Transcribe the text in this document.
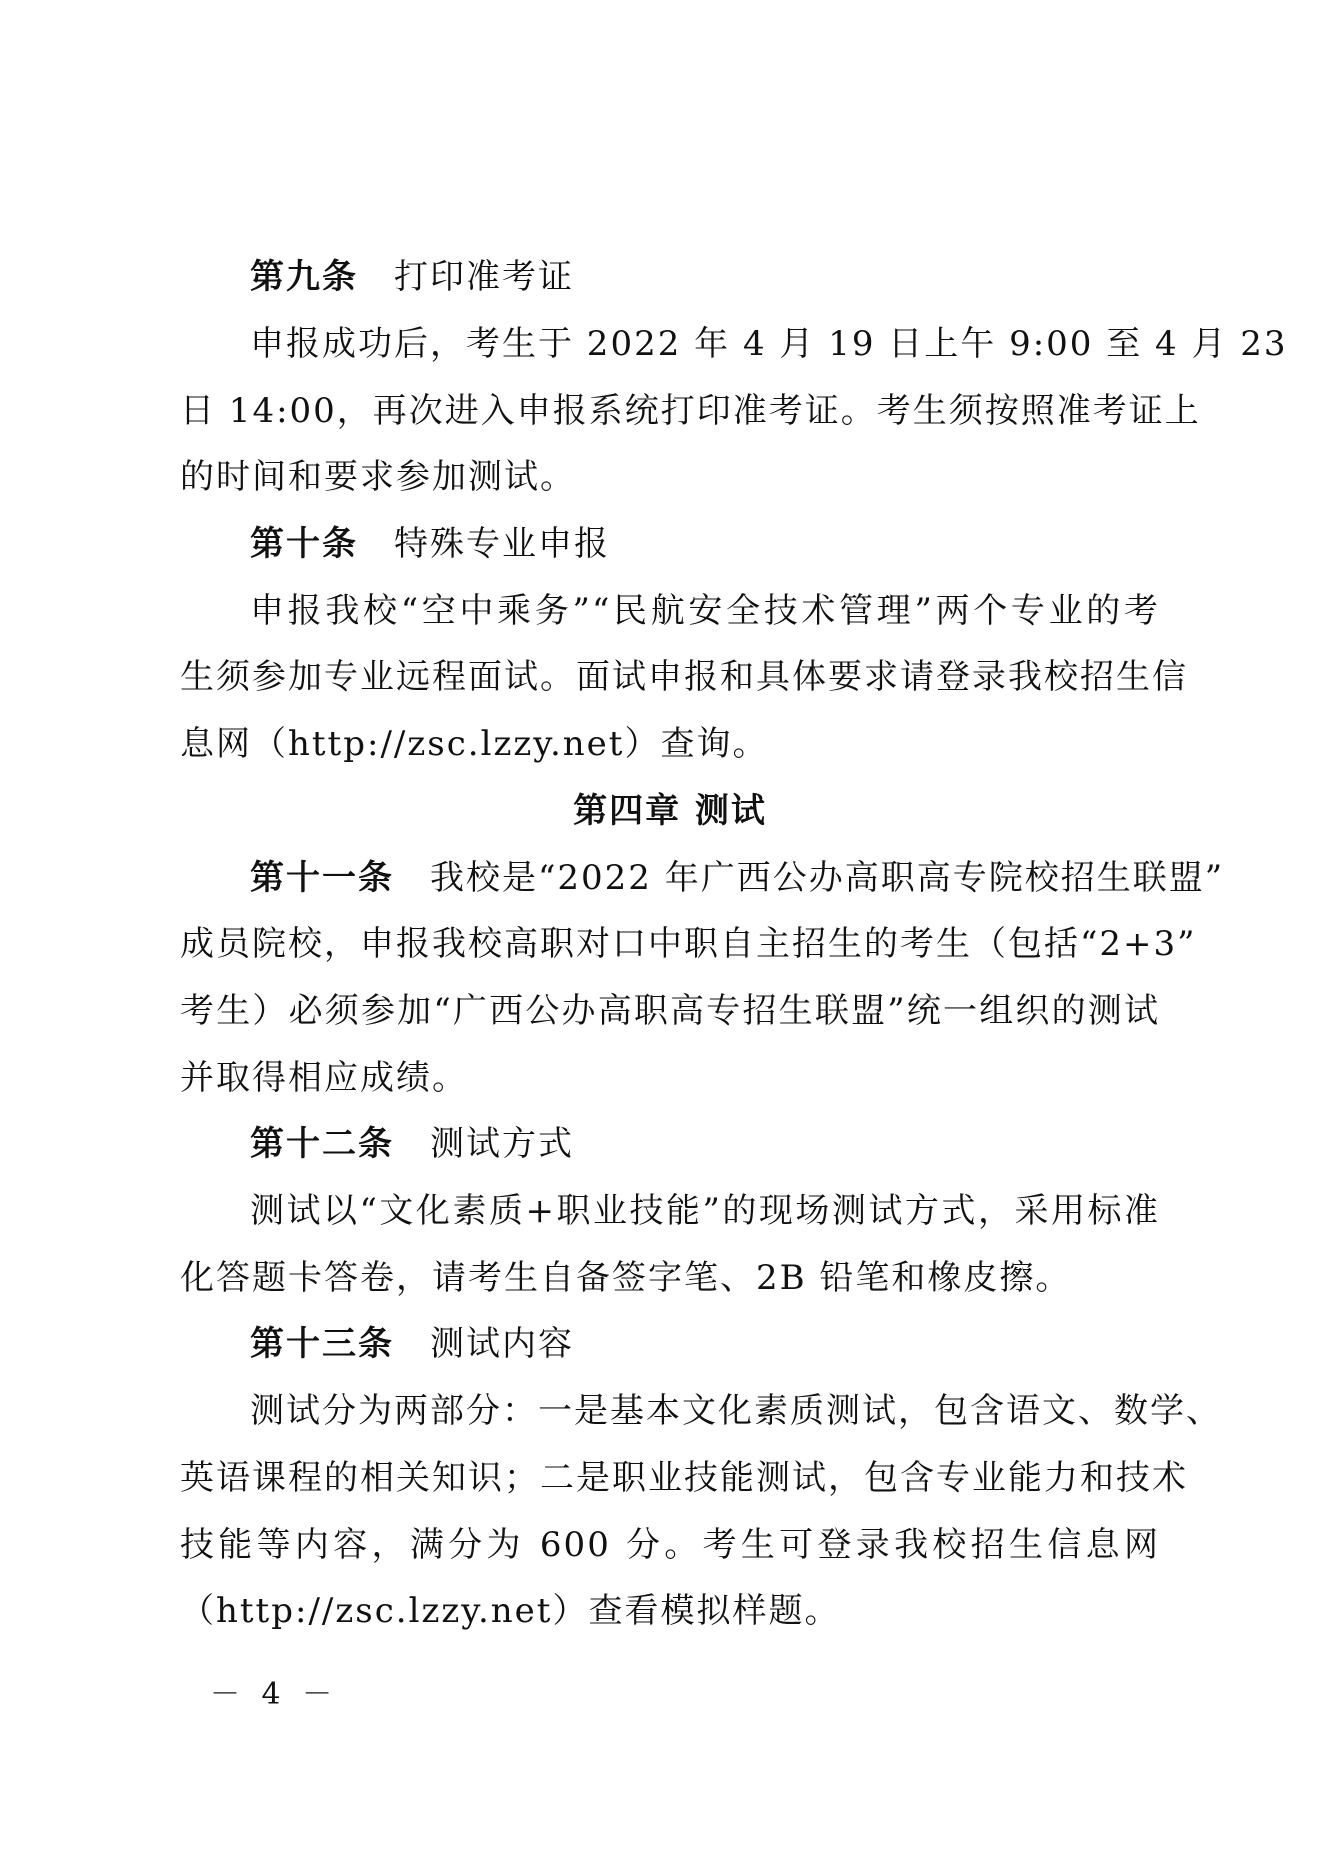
第九条 打印准考证
申报成功后，考生于 2022 年 4 月 19 日上午 9:00 至 4 月 23
日 14:00，再次进入申报系统打印准考证。考生须按照准考证上
的时间和要求参加测试。
第十条 特殊专业申报
申报我校“空中乘务”“民航安全技术管理”两个专业的考
生须参加专业远程面试。面试申报和具体要求请登录我校招生信
息网（http://zsc.lzzy.net）查询。
第四章 测试
第十一条 我校是“2022 年广西公办高职高专院校招生联盟”
成员院校，申报我校高职对口中职自主招生的考生（包括“2+3”
考生）必须参加“广西公办高职高专招生联盟”统一组织的测试
并取得相应成绩。
第十二条 测试方式
测试以“文化素质+职业技能”的现场测试方式，采用标准
化答题卡答卷，请考生自备签字笔、2B 铅笔和橡皮擦。
第十三条 测试内容
测试分为两部分：一是基本文化素质测试，包含语文、数学、
英语课程的相关知识；二是职业技能测试，包含专业能力和技术
技能等内容，满分为 600 分。考生可登录我校招生信息网
（http://zsc.lzzy.net）查看模拟样题。
－ 4 －
